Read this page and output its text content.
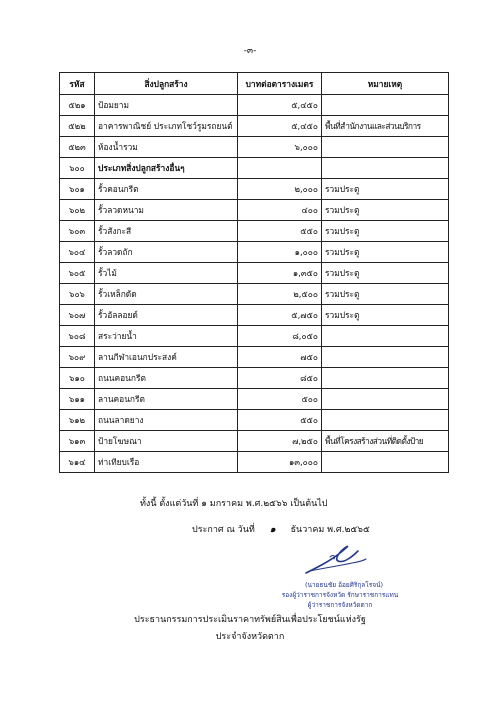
-๓-
รหัส	สิ่งปลูกสร้าง	บาทต่อตารางเมตร	หมายเหตุ
๕๒๑	ป้อมยาม	๕,๔๕๐	
๕๒๒	อาคารพาณิชย์ ประเภทโชว์รูมรถยนต์	๕,๔๕๐	พื้นที่สำนักงานและส่วนบริการ
๕๒๓	ห้องน้ำรวม	๖,๐๐๐	
๖๐๐	ประเภทสิ่งปลูกสร้างอื่นๆ		
๖๐๑	รั้วคอนกรีต	๒,๐๐๐	รวมประตู
๖๐๒	รั้วลวดหนาม	๔๐๐	รวมประตู
๖๐๓	รั้วสังกะสี	๕๕๐	รวมประตู
๖๐๔	รั้วลวดถัก	๑,๐๐๐	รวมประตู
๖๐๕	รั้วไม้	๑,๓๕๐	รวมประตู
๖๐๖	รั้วเหล็กดัด	๒,๕๐๐	รวมประตู
๖๐๗	รั้วอัลลอยด์	๕,๗๕๐	รวมประตู
๖๐๘	สระว่ายน้ำ	๘,๐๕๐	
๖๐๙	ลานกีฬาเอนกประสงค์	๗๕๐	
๖๑๐	ถนนคอนกรีต	๘๕๐	
๖๑๑	ลานคอนกรีต	๕๐๐	
๖๑๒	ถนนลาดยาง	๕๕๐	
๖๑๓	ป้ายโฆษณา	๗,๒๕๐	พื้นที่โครงสร้างส่วนที่ติดตั้งป้าย
๖๑๔	ท่าเทียบเรือ	๑๓,๐๐๐	
ทั้งนี้ ตั้งแต่วันที่ ๑ มกราคม พ.ศ.๒๕๖๖ เป็นต้นไป
ประกาศ ณ วันที่ ๑ ธันวาคม พ.ศ.๒๕๖๕
(นายธนชัย อ้อยศิริกุลโรจน์)
รองผู้ว่าราชการจังหวัด รักษาราชการแทน
ผู้ว่าราชการจังหวัดตาก
ประธานกรรมการประเมินราคาทรัพย์สินเพื่อประโยชน์แห่งรัฐ
ประจำจังหวัดตาก
